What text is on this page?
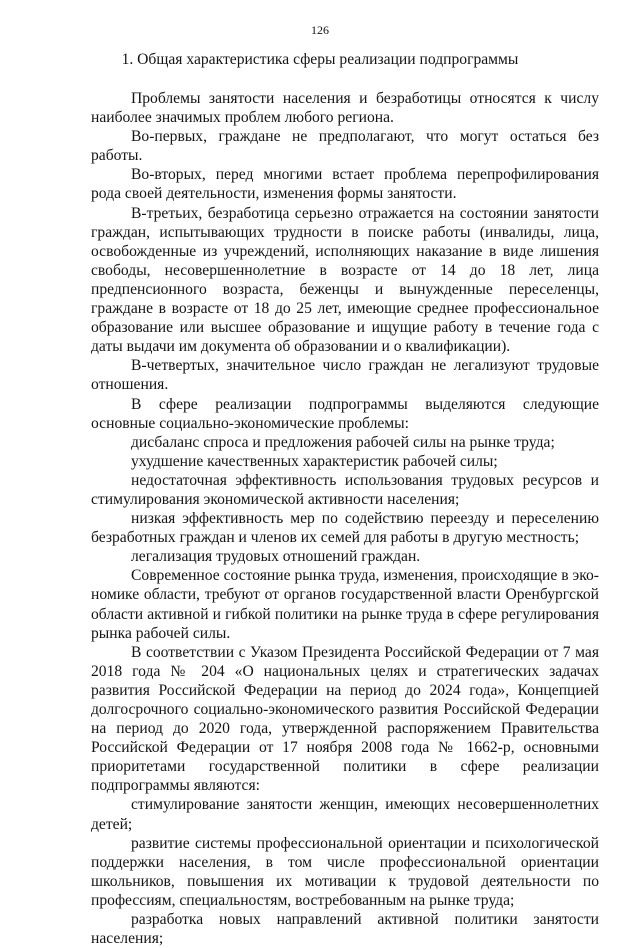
126
1. Общая характеристика сферы реализации подпрограммы

Проблемы занятости населения и безработицы относятся к числу наиболее значимых проблем любого региона.

Во-первых, граждане не предполагают, что могут остаться без работы.

Во-вторых, перед многими встает проблема перепрофилирования рода своей деятельности, изменения формы занятости.

В-третьих, безработица серьезно отражается на состоянии занятости граждан, испытывающих трудности в поиске работы (инвалиды, лица, освобожденные из учреждений, исполняющих наказание в виде лишения свободы, несовершеннолетние в возрасте от 14 до 18 лет, лица предпенсионного возраста, беженцы и вынужденные переселенцы, граждане в возрасте от 18 до 25 лет, имеющие среднее профессиональное образование или высшее образование и ищущие работу в течение года с даты выдачи им документа об образовании и о квалификации).

В-четвертых, значительное число граждан не легализуют трудовые отношения.

В сфере реализации подпрограммы выделяются следующие основные социально-экономические проблемы:

дисбаланс спроса и предложения рабочей силы на рынке труда;

ухудшение качественных характеристик рабочей силы;

недостаточная эффективность использования трудовых ресурсов и стимулирования экономической активности населения;

низкая эффективность мер по содействию переезду и переселению безработных граждан и членов их семей для работы в другую местность;

легализация трудовых отношений граждан.

Современное состояние рынка труда, изменения, происходящие в экономике области, требуют от органов государственной власти Оренбургской области активной и гибкой политики на рынке труда в сфере регулирования рынка рабочей силы.

В соответствии с Указом Президента Российской Федерации от 7 мая 2018 года № 204 «О национальных целях и стратегических задачах развития Российской Федерации на период до 2024 года», Концепцией долгосрочного социально-экономического развития Российской Федерации на период до 2020 года, утвержденной распоряжением Правительства Российской Федерации от 17 ноября 2008 года № 1662-р, основными приоритетами государственной политики в сфере реализации подпрограммы являются:

стимулирование занятости женщин, имеющих несовершеннолетних детей;

развитие системы профессиональной ориентации и психологической поддержки населения, в том числе профессиональной ориентации школьников, повышения их мотивации к трудовой деятельности по профессиям, специальностям, востребованным на рынке труда;

разработка новых направлений активной политики занятости населения;
